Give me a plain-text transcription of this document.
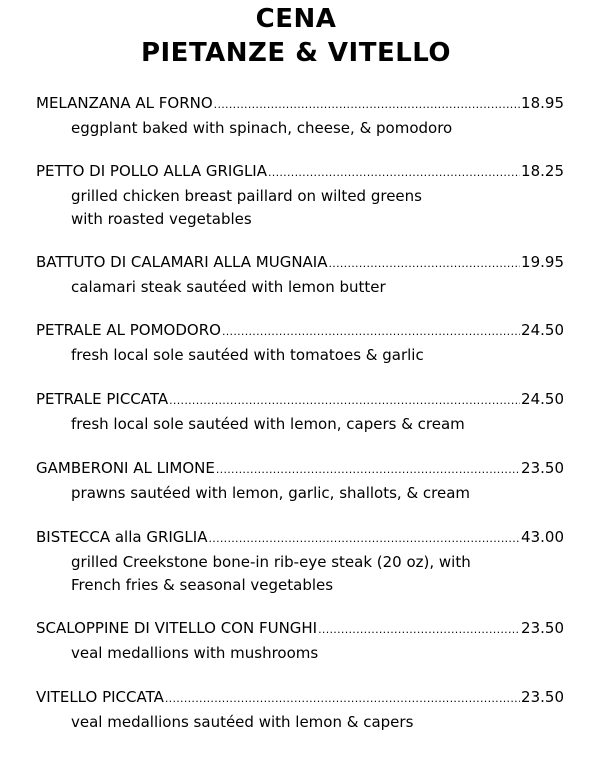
CENA
PIETANZE & VITELLO
MELANZANA AL FORNO .....	18.95
eggplant baked with spinach, cheese, & pomodoro
PETTO DI POLLO ALLA GRIGLIA .....	18.25
grilled chicken breast paillard on wilted greens
with roasted vegetables
BATTUTO DI CALAMARI ALLA MUGNAIA .....	19.95
calamari steak sautéed with lemon butter
PETRALE AL POMODORO .....	24.50
fresh local sole sautéed with tomatoes & garlic
PETRALE PICCATA .....	24.50
fresh local sole sautéed with lemon, capers & cream
GAMBERONI AL LIMONE .....	23.50
prawns sautéed with lemon, garlic, shallots, & cream
BISTECCA alla GRIGLIA .....	43.00
grilled Creekstone bone-in rib-eye steak (20 oz), with
French fries & seasonal vegetables
SCALOPPINE DI VITELLO CON FUNGHI .....	23.50
veal medallions with mushrooms
VITELLO PICCATA .....	23.50
veal medallions sautéed with lemon & capers
